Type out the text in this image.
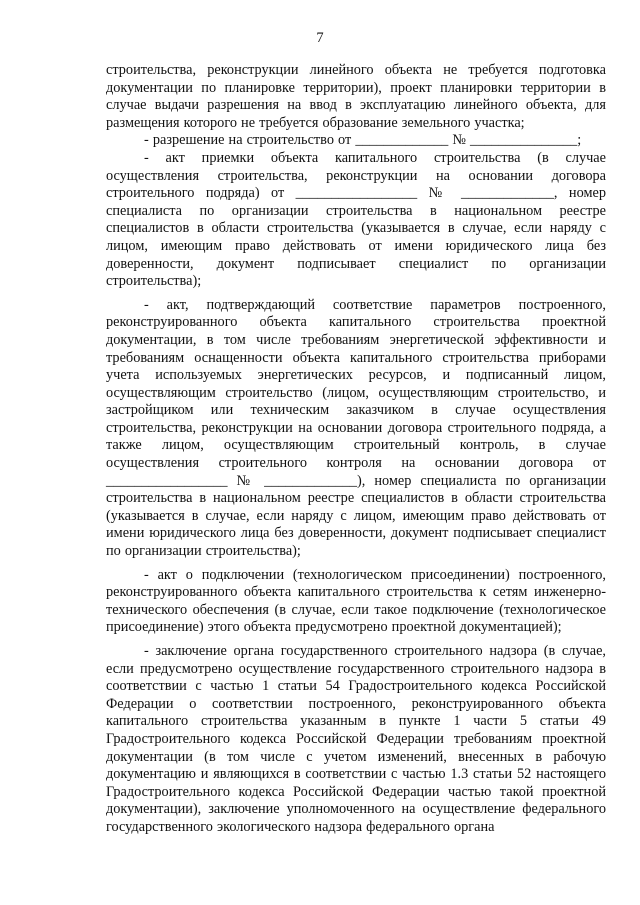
7

строительства, реконструкции линейного объекта не требуется подготовка документации по планировке территории), проект планировки территории в случае выдачи разрешения на ввод в эксплуатацию линейного объекта, для размещения которого не требуется образование земельного участка;

- разрешение на строительство от _____________ № _______________;

- акт приемки объекта капитального строительства (в случае осуществления строительства, реконструкции на основании договора строительного подряда) от _________________ № _____________, номер специалиста по организации строительства в национальном реестре специалистов в области строительства (указывается в случае, если наряду с лицом, имеющим право действовать от имени юридического лица без доверенности, документ подписывает специалист по организации строительства);

- акт, подтверждающий соответствие параметров построенного, реконструированного объекта капитального строительства проектной документации, в том числе требованиям энергетической эффективности и требованиям оснащенности объекта капитального строительства приборами учета используемых энергетических ресурсов, и подписанный лицом, осуществляющим строительство (лицом, осуществляющим строительство, и застройщиком или техническим заказчиком в случае осуществления строительства, реконструкции на основании договора строительного подряда, а также лицом, осуществляющим строительный контроль, в случае осуществления строительного контроля на основании договора от _________________ № _____________), номер специалиста по организации строительства в национальном реестре специалистов в области строительства (указывается в случае, если наряду с лицом, имеющим право действовать от имени юридического лица без доверенности, документ подписывает специалист по организации строительства);

- акт о подключении (технологическом присоединении) построенного, реконструированного объекта капитального строительства к сетям инженерно-технического обеспечения (в случае, если такое подключение (технологическое присоединение) этого объекта предусмотрено проектной документацией);

- заключение органа государственного строительного надзора (в случае, если предусмотрено осуществление государственного строительного надзора в соответствии с частью 1 статьи 54 Градостроительного кодекса Российской Федерации о соответствии построенного, реконструированного объекта капитального строительства указанным в пункте 1 части 5 статьи 49 Градостроительного кодекса Российской Федерации требованиям проектной документации (в том числе с учетом изменений, внесенных в рабочую документацию и являющихся в соответствии с частью 1.3 статьи 52 настоящего Градостроительного кодекса Российской Федерации частью такой проектной документации), заключение уполномоченного на осуществление федерального государственного экологического надзора федерального органа
